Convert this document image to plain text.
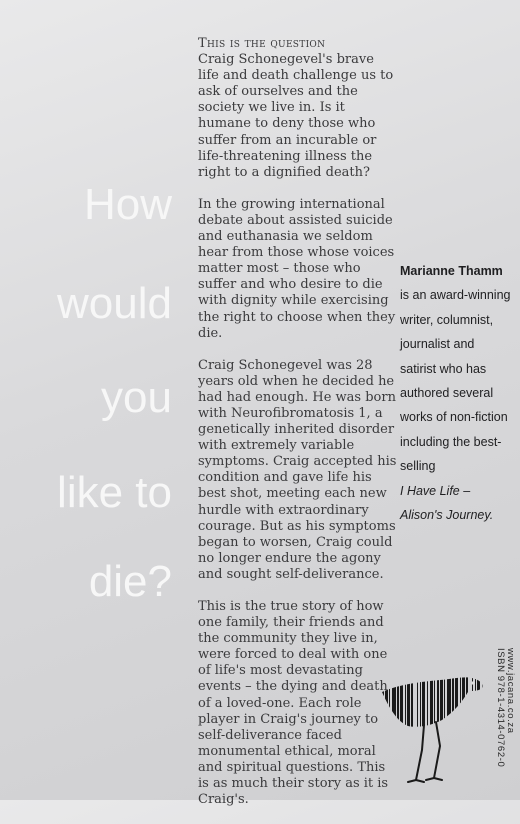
How
would
you
like to
die?

This is the question
Craig Schonegevel's brave life and death challenge us to ask of ourselves and the society we live in. Is it humane to deny those who suffer from an incurable or life-threatening illness the right to a dignified death?

In the growing international debate about assisted suicide and euthanasia we seldom hear from those whose voices matter most – those who suffer and who desire to die with dignity while exercising the right to choose when they die.

Craig Schonegevel was 28 years old when he decided he had had enough. He was born with Neurofibromatosis 1, a genetically inherited disorder with extremely variable symptoms. Craig accepted his condition and gave life his best shot, meeting each new hurdle with extraordinary courage. But as his symptoms began to worsen, Craig could no longer endure the agony and sought self-deliverance.

This is the true story of how one family, their friends and the community they live in, were forced to deal with one of life's most devastating events – the dying and death of a loved-one. Each role player in Craig's journey to self-deliverance faced monumental ethical, moral and spiritual questions. This is as much their story as it is Craig's.

Marianne Thamm
is an award-winning writer, columnist, journalist and satirist who has authored several works of non-fiction including the best-selling
I Have Life – Alison's Journey.
ISBN 978-1-4314-0762-0 www.jacana.co.za
